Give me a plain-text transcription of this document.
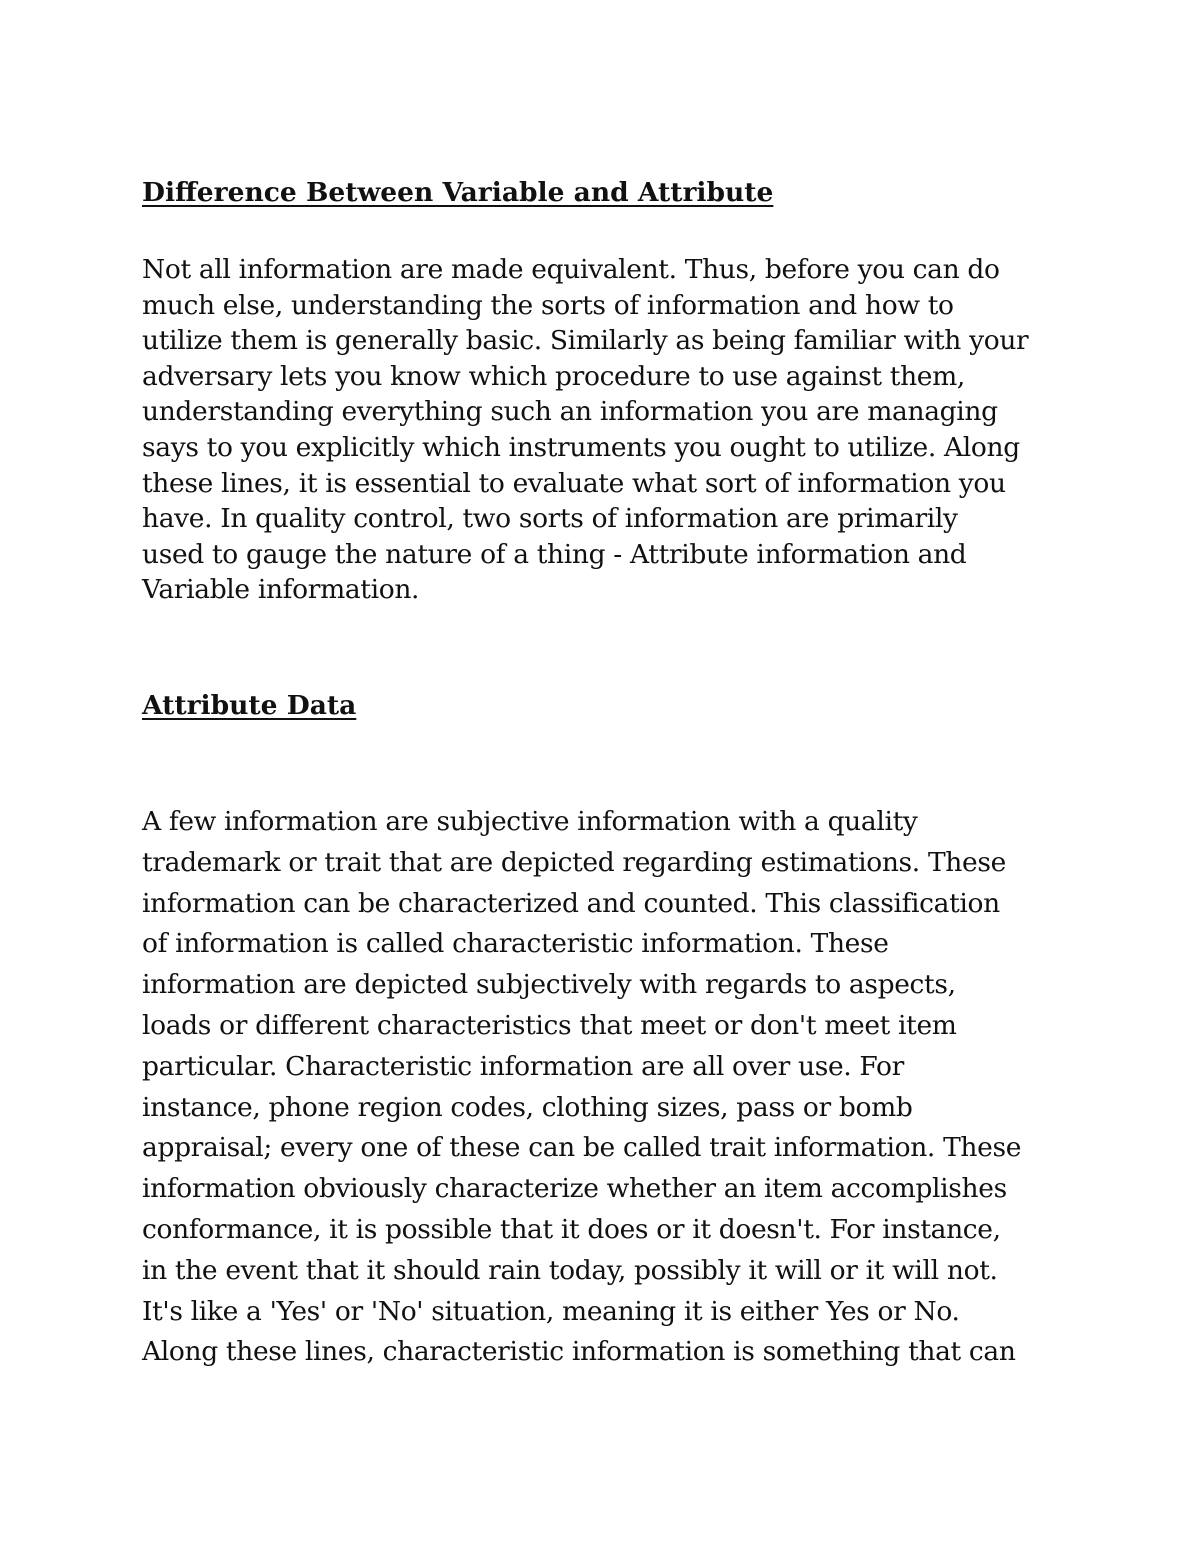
Difference Between Variable and Attribute

Not all information are made equivalent. Thus, before you can do
much else, understanding the sorts of information and how to
utilize them is generally basic. Similarly as being familiar with your
adversary lets you know which procedure to use against them,
understanding everything such an information you are managing
says to you explicitly which instruments you ought to utilize. Along
these lines, it is essential to evaluate what sort of information you
have. In quality control, two sorts of information are primarily
used to gauge the nature of a thing - Attribute information and
Variable information.

Attribute Data

A few information are subjective information with a quality
trademark or trait that are depicted regarding estimations. These
information can be characterized and counted. This classification
of information is called characteristic information. These
information are depicted subjectively with regards to aspects,
loads or different characteristics that meet or don't meet item
particular. Characteristic information are all over use. For
instance, phone region codes, clothing sizes, pass or bomb
appraisal; every one of these can be called trait information. These
information obviously characterize whether an item accomplishes
conformance, it is possible that it does or it doesn't. For instance,
in the event that it should rain today, possibly it will or it will not.
It's like a 'Yes' or 'No' situation, meaning it is either Yes or No.
Along these lines, characteristic information is something that can
